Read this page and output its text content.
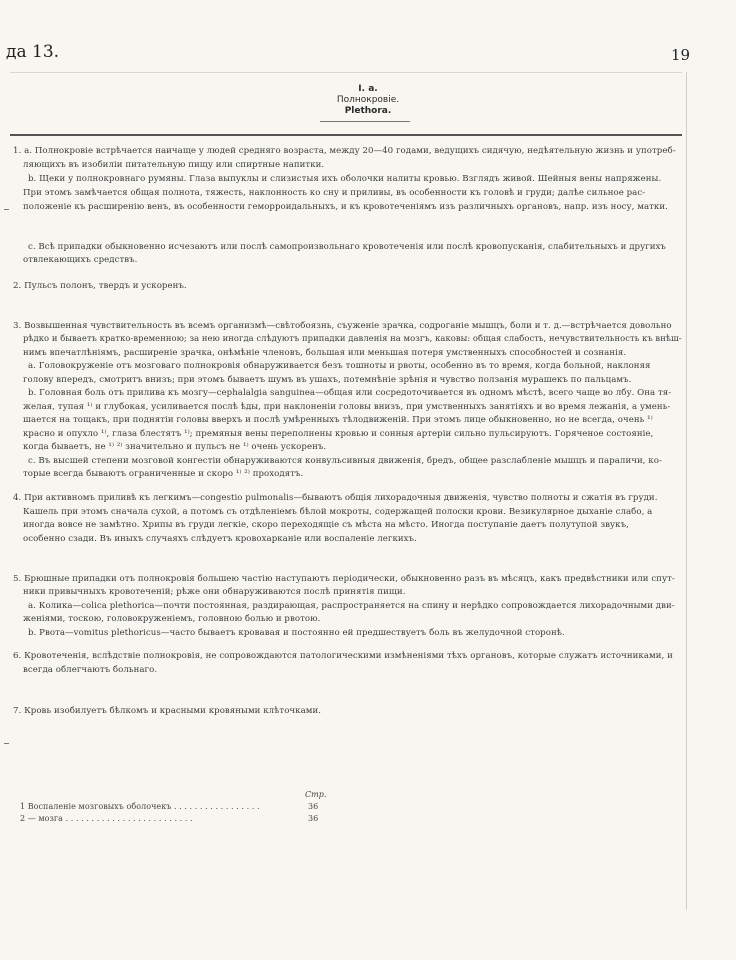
да 13.	19
I. a.
Полнокровіе.
Plethora.
1. а. Полнокровіе встрѣчается наичаще у людей средняго возраста, между 20—40 годами, ведущихъ сидячую, недѣятельную жизнь и употреб-
ляющихъ въ изобиліи питательную пищу или спиртные напитки.
b. Щеки у полнокровнаго румяны. Глаза выпуклы и слизистыя ихъ оболочки налиты кровью. Взглядъ живой. Шейныя вены напряжены.
При этомъ замѣчается общая полнота, тяжесть, наклонность ко сну и приливы, въ особенности къ головѣ и груди; далѣе сильное рас-
положеніе къ расширенію венъ, въ особенности геморроидальныхъ, и къ кровотеченіямъ изъ различныхъ органовъ, напр. изъ носу, матки.
с. Всѣ припадки обыкновенно исчезаютъ или послѣ самопроизвольнаго кровотеченія или послѣ кровопусканія, слабительныхъ и другихъ
отвлекающихъ средствъ.
2. Пульсъ полонъ, твердъ и ускоренъ.
3. Возвышенная чувствительность въ всемъ организмѣ—свѣтобоязнь, съуженіе зрачка, содроганіе мышцъ, боли и т. д.—встрѣчается довольно
рѣдко и бываетъ кратко-временною; за нею иногда слѣдуютъ припадки давленія на мозгъ, каковы: общая слабость, нечувствительность къ внѣш-
нимъ впечатлѣніямъ, расширеніе зрачка, онѣмѣніе членовъ, большая или меньшая потеря умственныхъ способностей и сознанія.
а. Головокруженіе отъ мозговаго полнокровія обнаруживается безъ тошноты и рвоты, особенно въ то время, когда больной, наклоняя
голову впередъ, смотритъ внизъ; при этомъ бываетъ шумъ въ ушахъ, потемнѣніе зрѣнія и чувство ползанія мурашекъ по пальцамъ.
b. Головная боль отъ прилива къ мозгу—cephalalgia sanguinea—общая или сосредоточивается въ одномъ мѣстѣ, всего чаще во лбу. Она тя-
желая, тупая ¹⁾ и глубокая, усиливается послѣ ѣды, при наклоненіи головы внизъ, при умственныхъ занятіяхъ и во время лежанія, а умень-
шается на тощакъ, при поднятіи головы вверхъ и послѣ умѣренныхъ тѣлодвиженій. При этомъ лице обыкновенно, но не всегда, очень ¹⁾
красно и опухло ¹⁾, глаза блестятъ ¹⁾; премяныя вены переполнены кровью и сонныя артеріи сильно пульсируютъ. Горяченое состояніе,
когда бываетъ, не ¹⁾ ²⁾ значительно и пульсъ не ¹⁾ очень ускоренъ.
с. Въ высшей степени мозговой конгестіи обнаруживаются конвульсивныя движенія, бредъ, общее разслабленіе мышцъ и параличи, ко-
торые всегда бываютъ ограниченные и скоро ¹⁾ ²⁾ проходятъ.
4. При активномъ приливѣ къ легкимъ—congestio pulmonalis—бываютъ общія лихорадочныя движенія, чувство полноты и сжатія въ груди.
Кашель при этомъ сначала сухой, а потомъ съ отдѣленіемъ бѣлой мокроты, содержащей полоски крови. Везикулярное дыханіе слабо, а
иногда вовсе не замѣтно. Хрипы въ груди легкіе, скоро переходящіе съ мѣста на мѣсто. Иногда поступаніе даетъ полутупой звукъ,
особенно сзади. Въ иныхъ случаяхъ слѣдуетъ кровохарканіе или воспаленіе легкихъ.
5. Брюшные припадки отъ полнокровія большею частію наступаютъ періодически, обыкновенно разъ въ мѣсяцъ, какъ предвѣстники или спут-
ники привычныхъ кровотеченій; рѣже они обнаруживаются послѣ принятія пищи.
а. Колика—colica plethorica—почти постоянная, раздирающая, распространяется на спину и нерѣдко сопровождается лихорадочными дви-
женіями, тоскою, головокруженіемъ, головною болью и рвотою.
b. Рвота—vomitus plethoricus—часто бываетъ кровавая и постоянно ей предшествуетъ боль въ желудочной сторонѣ.
6. Кровотеченія, вслѣдствіе полнокровія, не сопровождаются патологическими измѣненіями тѣхъ органовъ, которые служатъ источниками, и
всегда облегчаютъ больнаго.
7. Кровь изобилуетъ бѣлкомъ и красными кровяными клѣточками.
Стр.
1 Воспаленіе мозговыхъ оболочекъ . . . . . . . . . . . . . . . . .	36
2 — мозга . . . . . . . . . . . . . . . . . . . . . . . . .	36
